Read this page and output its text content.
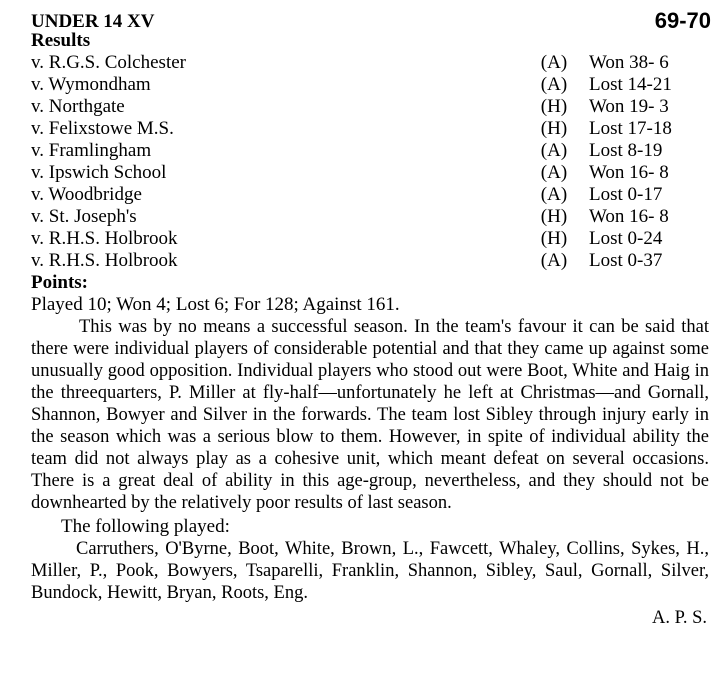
UNDER 14 XV	69-70
Results
v. R.G.S. Colchester	(A) Won 38- 6
v. Wymondham	(A) Lost 14-21
v. Northgate	(H) Won 19- 3
v. Felixstowe M.S.	(H) Lost 17-18
v. Framlingham	(A) Lost 8-19
v. Ipswich School	(A) Won 16- 8
v. Woodbridge	(A) Lost 0-17
v. St. Joseph's	(H) Won 16- 8
v. R.H.S. Holbrook	(H) Lost 0-24
v. R.H.S. Holbrook	(A) Lost 0-37
Points:
Played 10; Won 4; Lost 6; For 128; Against 161.

This was by no means a successful season. In the team's favour it can be said that there were individual players of considerable potential and that they came up against some unusually good opposition. Individual players who stood out were Boot, White and Haig in the threequarters, P. Miller at fly-half—unfortunately he left at Christmas—and Gornall, Shannon, Bowyer and Silver in the forwards. The team lost Sibley through injury early in the season which was a serious blow to them. However, in spite of individual ability the team did not always play as a cohesive unit, which meant defeat on several occasions. There is a great deal of ability in this age-group, nevertheless, and they should not be downhearted by the relatively poor results of last season.

The following played:

Carruthers, O'Byrne, Boot, White, Brown, L., Fawcett, Whaley, Collins, Sykes, H., Miller, P., Pook, Bowyers, Tsaparelli, Franklin, Shannon, Sibley, Saul, Gornall, Silver, Bundock, Hewitt, Bryan, Roots, Eng.

A. P. S.
